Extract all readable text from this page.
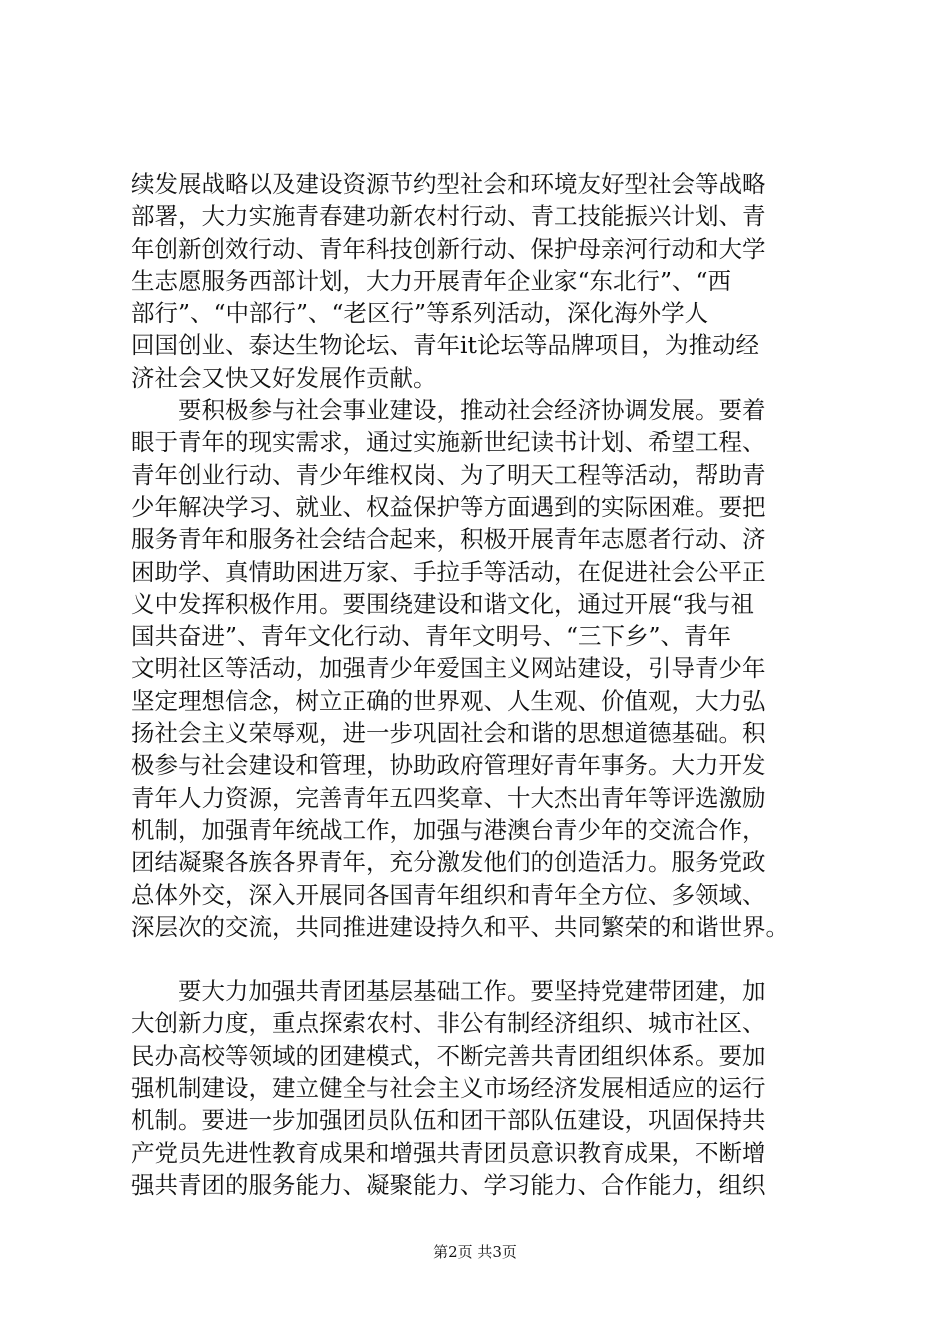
续发展战略以及建设资源节约型社会和环境友好型社会等战略
部署，大力实施青春建功新农村行动、青工技能振兴计划、青
年创新创效行动、青年科技创新行动、保护母亲河行动和大学
生志愿服务西部计划，大力开展青年企业家“东北行”、“西
部行”、“中部行”、“老区行”等系列活动，深化海外学人
回国创业、泰达生物论坛、青年it论坛等品牌项目，为推动经
济社会又快又好发展作贡献。
要积极参与社会事业建设，推动社会经济协调发展。要着
眼于青年的现实需求，通过实施新世纪读书计划、希望工程、
青年创业行动、青少年维权岗、为了明天工程等活动，帮助青
少年解决学习、就业、权益保护等方面遇到的实际困难。要把
服务青年和服务社会结合起来，积极开展青年志愿者行动、济
困助学、真情助困进万家、手拉手等活动，在促进社会公平正
义中发挥积极作用。要围绕建设和谐文化，通过开展“我与祖
国共奋进”、青年文化行动、青年文明号、“三下乡”、青年
文明社区等活动，加强青少年爱国主义网站建设，引导青少年
坚定理想信念，树立正确的世界观、人生观、价值观，大力弘
扬社会主义荣辱观，进一步巩固社会和谐的思想道德基础。积
极参与社会建设和管理，协助政府管理好青年事务。大力开发
青年人力资源，完善青年五四奖章、十大杰出青年等评选激励
机制，加强青年统战工作，加强与港澳台青少年的交流合作，
团结凝聚各族各界青年，充分激发他们的创造活力。服务党政
总体外交，深入开展同各国青年组织和青年全方位、多领域、
深层次的交流，共同推进建设持久和平、共同繁荣的和谐世界。
要大力加强共青团基层基础工作。要坚持党建带团建，加
大创新力度，重点探索农村、非公有制经济组织、城市社区、
民办高校等领域的团建模式，不断完善共青团组织体系。要加
强机制建设，建立健全与社会主义市场经济发展相适应的运行
机制。要进一步加强团员队伍和团干部队伍建设，巩固保持共
产党员先进性教育成果和增强共青团员意识教育成果，不断增
强共青团的服务能力、凝聚能力、学习能力、合作能力，组织
第2页 共3页
